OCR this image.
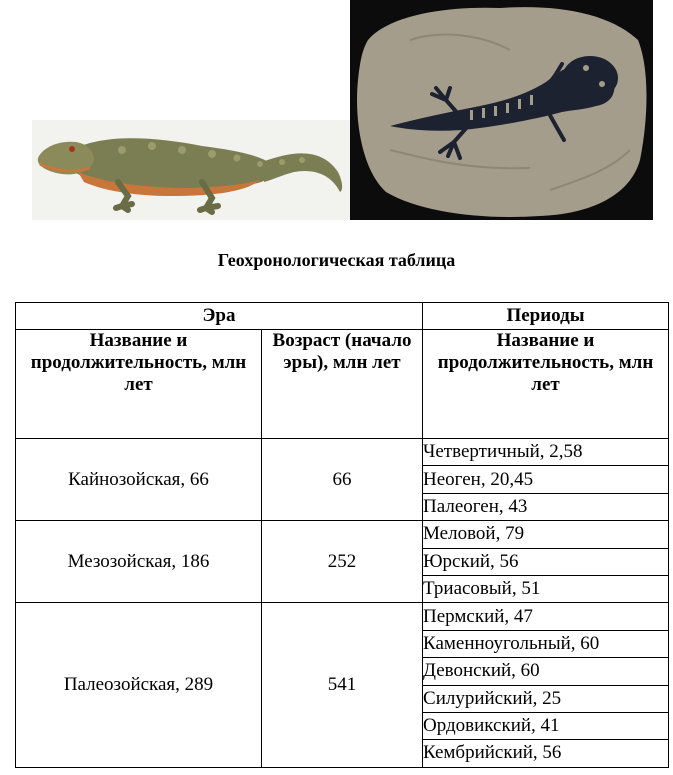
Геохронологическая таблица
Эра		Периоды
Название и продолжительность, млн лет	Возраст (начало эры), млн лет	Название и продолжительность, млн лет
Кайнозойская, 66	66	Четвертичный, 2,58
		Неоген, 20,45
		Палеоген, 43
Мезозойская, 186	252	Меловой, 79
		Юрский, 56
		Триасовый, 51
Палеозойская, 289	541	Пермский, 47
		Каменноугольный, 60
		Девонский, 60
		Силурийский, 25
		Ордовикский, 41
		Кембрийский, 56
